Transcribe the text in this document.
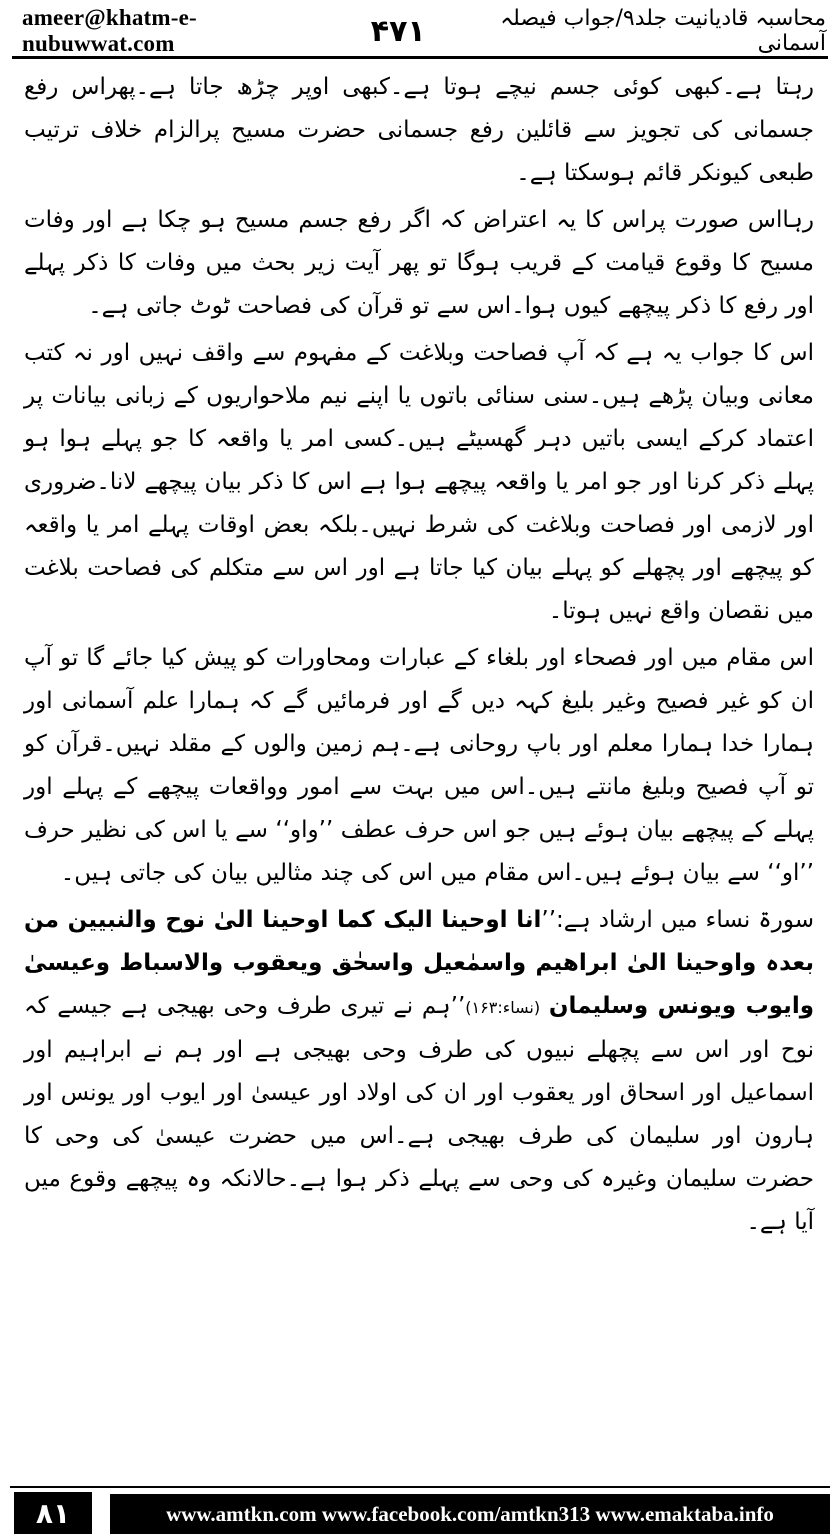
ameer@khatm-e-nubuwwat.com	۴۷۱	محاسبہ قادیانیت جلد۹/جواب فیصلہ آسمانی

رہتا ہے۔کبھی کوئی جسم نیچے ہوتا ہے۔کبھی اوپر چڑھ جاتا ہے۔پھراس رفع جسمانی کی تجویز سے قائلین رفع جسمانی حضرت مسیح پرالزام خلاف ترتیب طبعی کیونکر قائم ہوسکتا ہے۔

رہااس صورت پراس کا یہ اعتراض کہ اگر رفع جسم مسیح ہو چکا ہے اور وفات مسیح کا وقوع قیامت کے قریب ہوگا تو پھر آیت زیر بحث میں وفات کا ذکر پہلے اور رفع کا ذکر پیچھے کیوں ہوا۔اس سے تو قرآن کی فصاحت ٹوٹ جاتی ہے۔

اس کا جواب یہ ہے کہ آپ فصاحت وبلاغت کے مفہوم سے واقف نہیں اور نہ کتب معانی وبیان پڑھے ہیں۔سنی سنائی باتوں یا اپنے نیم ملاحواریوں کے زبانی بیانات پر اعتماد کرکے ایسی باتیں دہر گھسیٹے ہیں۔کسی امر یا واقعہ کا جو پہلے ہوا ہو پہلے ذکر کرنا اور جو امر یا واقعہ پیچھے ہوا ہے اس کا ذکر بیان پیچھے لانا۔ضروری اور لازمی اور فصاحت وبلاغت کی شرط نہیں۔بلکہ بعض اوقات پہلے امر یا واقعہ کو پیچھے اور پچھلے کو پہلے بیان کیا جاتا ہے اور اس سے متکلم کی فصاحت بلاغت میں نقصان واقع نہیں ہوتا۔

اس مقام میں اور فصحاء اور بلغاء کے عبارات ومحاورات کو پیش کیا جائے گا تو آپ ان کو غیر فصیح وغیر بلیغ کہہ دیں گے اور فرمائیں گے کہ ہمارا علم آسمانی اور ہمارا خدا ہمارا معلم اور باپ روحانی ہے۔ہم زمین والوں کے مقلد نہیں۔قرآن کو تو آپ فصیح وبلیغ مانتے ہیں۔اس میں بہت سے امور وواقعات پیچھے کے پہلے اور پہلے کے پیچھے بیان ہوئے ہیں جو اس حرف عطف ’’واو‘‘ سے یا اس کی نظیر حرف ’’او‘‘ سے بیان ہوئے ہیں۔اس مقام میں اس کی چند مثالیں بیان کی جاتی ہیں۔

سورۃ نساء میں ارشاد ہے:’’انا اوحینا الیک کما اوحینا الیٰ نوح والنبیین من بعدہ واوحینا الیٰ ابراھیم واسمٰعیل واسحٰق ویعقوب والاسباط وعیسیٰ وایوب ویونس وسلیمان (نساء:۱۶۳)’’ہم نے تیری طرف وحی بھیجی ہے جیسے کہ نوح اور اس سے پچھلے نبیوں کی طرف وحی بھیجی ہے اور ہم نے ابراہیم اور اسماعیل اور اسحاق اور یعقوب اور ان کی اولاد اور عیسیٰ اور ایوب اور یونس اور ہارون اور سلیمان کی طرف بھیجی ہے۔اس میں حضرت عیسیٰ کی وحی کا حضرت سلیمان وغیرہ کی وحی سے پہلے ذکر ہوا ہے۔حالانکہ وہ پیچھے وقوع میں آیا ہے۔

۸۱	www.amtkn.com www.facebook.com/amtkn313 www.emaktaba.info
